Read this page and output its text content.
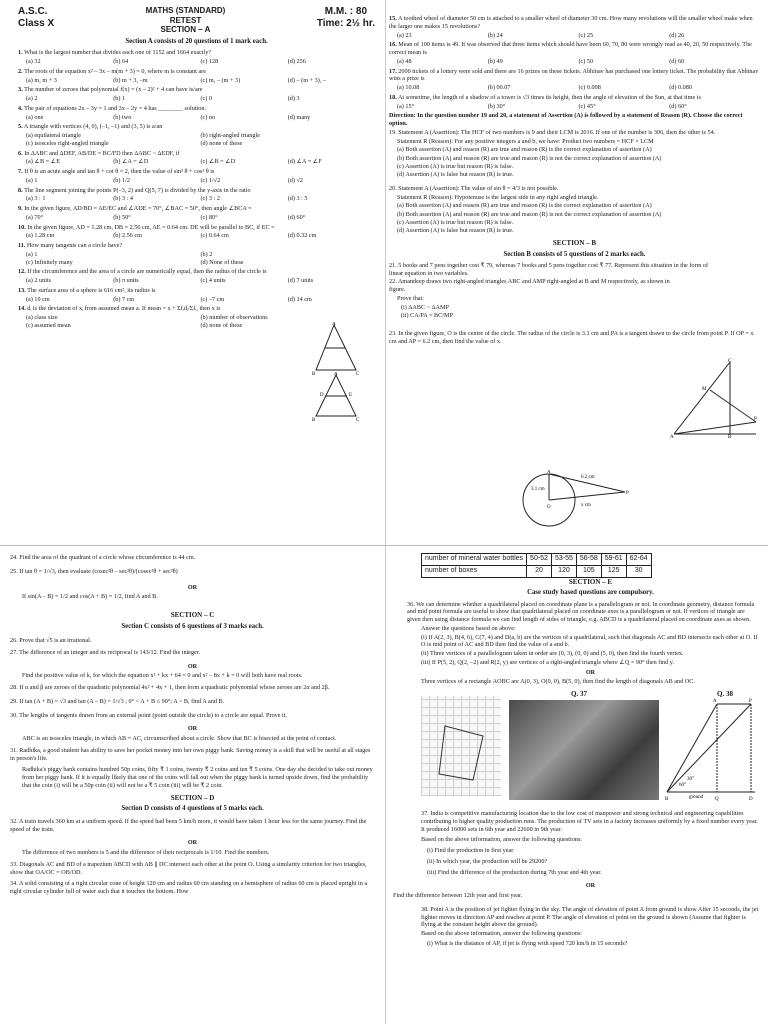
A.S.C.
Class X
MATHS (STANDARD)
RETEST
SECTION – A
M.M. : 80
Time: 2½ hr.
Section A consists of 20 questions of 1 mark each.
1. What is the largest number that divides each one of 1152 and 1664 exactly?
(a) 32	(b) 64	(c) 128	(d) 256
2. The roots of the equation x² – 3x – m(m + 3) = 0, where m is constant are
(a) m, m + 3	(b) m + 3, –m	(c) m, – (m + 3)	(d) – (m + 3), –
3. The number of zeroes that polynomial f(x) = (x – 2)² + 4 can have is/are
(a) 2	(b) 1	(c) 0	(d) 3
4. The pair of equations 2x – 3y = 1 and 3x – 2y = 4 has ________ solution.
(a) one	(b) two	(c) no	(d) many
5. A triangle with vertices (4, 0), (–1, –1) and (3, 5) is a/an
(a) equilateral triangle	(b) right-angled triangle
(c) isosceles right-angled triangle	(d) none of these
6. In ΔABC and ΔDEF, AB/DE = BC/FD then ΔABC ~ ΔEDF, if
(a) ∠B = ∠E	(b) ∠A = ∠D	(c) ∠B = ∠D	(d) ∠A = ∠F
7. If θ is an acute angle and tan θ + cot θ = 2, then the value of sin³ θ + cos³ θ is
(a) 1	(b) 1/2	(c) 1/√2	(d) √2
8. The line segment joining the points P(–3, 2) and Q(5, 7) is divided by the y-axis in the ratio
(a) 3 : 1	(b) 3 : 4	(c) 3 : 2	(d) 3 : 5
9. In the given figure, AD/BD = AE/EC and ∠ADE = 70°, ∠BAC = 50°, then angle ∠BCA =
(a) 70°	(b) 50°	(c) 80°	(d) 60°
10. In the given figure, AD = 1.28 cm, DB = 2.56 cm, AE = 0.64 cm. DE will be parallel to BC, if EC =
(a) 1.28 cm	(b) 2.56 cm	(c) 0.64 cm	(d) 0.32 cm
11. How many tangents can a circle have?
(a) 1	(b) 2
(c) Infinitely many	(d) None of these
12. If the circumference and the area of a circle are numerically equal, then the radius of the circle is
(a) 2 units	(b) π units	(c) 4 units	(d) 7 units
13. The surface area of a sphere is 616 cm², its radius is
(a) 19 cm	(b) 7 cm	(c) –7 cm	(d) 14 cm
14. dᵢ is the deviation of xᵢ from assumed mean a. If mean = x + Σfᵢdᵢ/Σfᵢ, then x is
(a) class size	(b) number of observations
(c) assumed mean	(d) none of these	A
B	C
A
D	E
B	C
15. A toothed wheel of diameter 50 cm is attached to a smaller wheel of diameter 30 cm. How many revolutions will the smaller wheel make when the larger one makes 15 revolutions?
(a) 23	(b) 24	(c) 25	(d) 26
16. Mean of 100 items is 49. It was observed that three items which should have been 60, 70, 80 were wrongly read as 40, 20, 50 respectively. The correct mean is
(a) 48	(b) 49	(c) 50	(d) 60
17. 2000 tickets of a lottery were sold and there are 16 prizes on these tickets. Abhinav has purchased one lottery ticket. The probability that Abhinav wins a prize is
(a) 10.08	(b) 00.07	(c) 0.008	(d) 0.080
18. At sometime, the length of a shadow of a tower is √3 times its height, then the angle of elevation of the Sun, at that time is
(a) 15°	(b) 30°	(c) 45°	(d) 60°
Direction: In the question number 19 and 20, a statement of Assertion (A) is followed by a statement of Reason (R). Choose the correct option.
19. Statement A (Assertion): The HCF of two numbers is 9 and their LCM is 2016. If one of the number is 306, then the other is 54.
Statement R (Reason): For any positive integers a and b, we have: Product two numbers = HCF × LCM
(a) Both assertion (A) and reason (R) are true and reason (R) is the correct explanation of assertion (A)
(b) Both assertion (A) and reason (R) are true and reason (R) is not the correct explanation of assertion (A)
(c) Assertion (A) is true but reason (R) is false.
(d) Assertion (A) is false but reason (R) is true.
20. Statement A (Assertion): The value of sin θ = 4/3 is not possible.
Statement R (Reason): Hypotenuse is the largest side in any right angled triangle.
(a) Both assertion (A) and reason (R) are true and reason (R) is the correct explanation of assertion (A)
(b) Both assertion (A) and reason (R) are true and reason (R) is not the correct explanation of assertion (A)
(c) Assertion (A) is true but reason (R) is false.
(d) Assertion (A) is false but reason (R) is true.
SECTION – B
Section B consists of 5 questions of 2 marks each.
21. 5 books and 7 pens together cost ₹ 79, whereas 7 books and 5 pens together cost ₹ 77. Represent this situation in the form of linear equation in two variables.
22. Amandeep draws two right-angled triangles ABC and AMP right-angled at B and M respectively, as shown in figure.
Prove that:
(i) ΔABC ~ ΔAMP
(ii) CA/PA = BC/MP
23. In the given figure, O is the centre of the circle. The radius of the circle is 3.1 cm and PA is a tangent drawn to the circle from point P. If OP = x cm and AP = 6.2 cm, then find the value of x.
C
M
A	B
P
3.1 cm
6.2 cm
x cm
O
A
P
24. Find the area of the quadrant of a circle whose circumference is 44 cm.
25. If tan θ = 1/√3, then evaluate (cosec²θ – sec²θ)/(cosec²θ + sec²θ)
OR
If sin(A – B) = 1/2 and cos(A + B) = 1/2, find A and B.
SECTION – C
Section C consists of 6 questions of 3 marks each.
26. Prove that √5 is an irrational.
27. The difference of an integer and its reciprocal is 143/12. Find the integer.
OR
Find the positive value of k, for which the equation x² + kx + 64 = 0 and x² – 8x + k = 0 will both have real roots.
28. If α and β are zeroes of the quadratic polynomial 4x² + 4x + 1, then form a quadratic polynomial whose zeroes are 2α and 2β.
29. If tan (A + B) = √3 and tan (A – B) = 1/√3 ; 0° < A + B ≤ 90°; A > B, find A and B.
30. The lengths of tangents drawn from an external point (point outside the circle) to a circle are equal. Prove it.
OR
ABC is an isosceles triangle, in which AB = AC, circumscribed about a circle. Show that BC is bisected at the point of contact.
31. Radhika, a good student has ability to save her pocket money into her own piggy bank. Saving money is a skill that will be useful at all stages in person's life.
Radhika's piggy bank contains hundred 50p coins, fifty ₹ 1 coins, twenty ₹ 2 coins and ten ₹ 5 coins. One day she decided to take out money from her piggy bank. If it is equally likely that one of the coins will fall out when the piggy bank is turned upside down, find the probability that the coin (i) will be a 50p coin (ii) will not be a ₹ 5 coin (iii) will be ₹ 2 coin.
SECTION – D
Section D consists of 4 questions of 5 marks each.
32. A train travels 360 km at a uniform speed. If the speed had been 5 km/h more, it would have taken 1 hour less for the same journey. Find the speed of the train.
OR
The difference of two numbers is 5 and the difference of their reciprocals is 1/10. Find the numbers.
33. Diagonals AC and BD of a trapezium ABCD with AB ∥ DC intersect each other at the point O. Using a similarity criterion for two triangles, show that OA/OC = OB/OD.
34. A solid consisting of a right circular cone of height 120 cm and radius 60 cm standing on a hemisphere of radius 60 cm is placed upright in a right circular cylinder full of water such that it touches the bottom. How
number of mineral water bottles	50-52	53-55	56-58	59-61	62-64
number of boxes	20	120	105	125	30
SECTION – E
Case study based questions are compulsory.
36. We can determine whether a quadrilateral placed on coordinate plane is a parallelogram or not. In coordinate geometry, distance formula and mid point formula are useful to show that quadrilateral placed on coordinate axes is a parallelogram or not. If vertices of triangle are given then using distance formula we can find length of sides of triangle, e.g. ABCD is a quadrilateral placed on coordinate axes as shown.
Answer the questions based on above:
(i) If A(2, 3), B(4, 6), C(7, 4) and D(a, b) are the vertices of a quadrilateral, such that diagonals AC and BD intersects each other at O. If O is mid point of AC and BD then find the value of a and b.
(ii) Three vertices of a parallelogram taken in order are (0, 3), (0, 0) and (5, 0), then find the fourth vertex.
(iii) If P(5, 2), Q(2, –2) and R(2, y) are vertices of a right-angled triangle where ∠Q = 90° then find y.
OR
Three vertices of a rectangle AOBC are A(0, 3), O(0, 0), B(5, 0), then find the length of diagonals AB and OC.
Q. 37	Q. 38
A	P
B	Q	D
60°
30°
ground
37. India is competitive manufacturing location due to the low cost of manpower and strong technical and engineering capabilities contributing to higher quality production runs. The production of TV sets in a factory increases uniformly by a fixed number every year. It produced 16000 sets in 6th year and 22600 in 9th year.
Based on the above information, answer the following questions:
(i) Find the production in first year
(ii) In which year, the production will be 29200?
(iii) Find the difference of the production during 7th year and 4th year.
OR
Find the difference between 12th year and first year.
38. Point A is the position of jet fighter flying in the sky. The angle of elevation of point A from ground is show After 15 seconds, the jet fighter moves in direction AP and reaches at point P. The angle of elevation of point on the ground is shown (Assume that fighter is flying at the constant height above the ground).
Based on the above information, answer the following questions:
(i) What is the distance of AP, if jet is flying with speed 720 km/h in 15 seconds?
